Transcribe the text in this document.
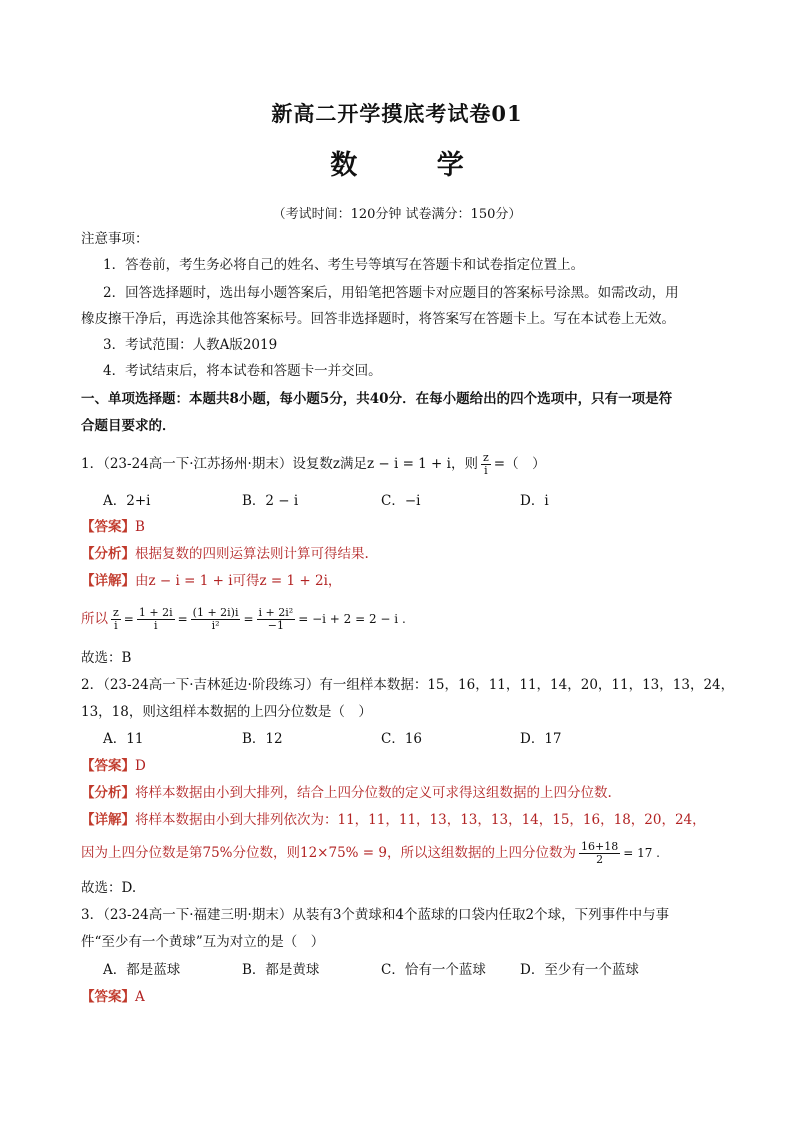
新高二开学摸底考试卷01
数 学
（考试时间：120分钟 试卷满分：150分）
注意事项：
1．答卷前，考生务必将自己的姓名、考生号等填写在答题卡和试卷指定位置上。
2．回答选择题时，选出每小题答案后，用铅笔把答题卡对应题目的答案标号涂黑。如需改动，用
橡皮擦干净后，再选涂其他答案标号。回答非选择题时，将答案写在答题卡上。写在本试卷上无效。
3．考试范围：人教A版2019
4．考试结束后，将本试卷和答题卡一并交回。
一、单项选择题：本题共8小题，每小题5分，共40分．在每小题给出的四个选项中，只有一项是符
合题目要求的．
1．（23-24高一下·江苏扬州·期末）设复数z满足z − i = 1 + i，则 $\frac{z}{i}$ =（　）
A．2+i	B．2 − i	C．−i	D．i
【答案】B
【分析】根据复数的四则运算法则计算可得结果.
【详解】由z − i = 1 + i可得z = 1 + 2i，
所以 $\frac{z}{i} = \frac{1 + 2i}{i} = \frac{(1 + 2i)i}{\text{i²}} = \frac{\text{i + 2i²}}{-1} = -i + 2 = 2 - i$ .
故选：B
2．（23-24高一下·吉林延边·阶段练习）有一组样本数据：15，16，11，11，14，20，11，13，13，24，
13，18，则这组样本数据的上四分位数是（　）
A．11	B．12	C．16	D．17
【答案】D
【分析】将样本数据由小到大排列，结合上四分位数的定义可求得这组数据的上四分位数.
【详解】将样本数据由小到大排列依次为：11，11，11，13，13，13，14，15，16，18，20，24，
因为上四分位数是第75%分位数，则12×75% = 9，所以这组数据的上四分位数为 $\frac{16+18}{2} = 17$ .
故选：D.
3．（23-24高一下·福建三明·期末）从装有3个黄球和4个蓝球的口袋内任取2个球，下列事件中与事
件“至少有一个黄球”互为对立的是（　）
A．都是蓝球	B．都是黄球	C．恰有一个蓝球	D．至少有一个蓝球
【答案】A
